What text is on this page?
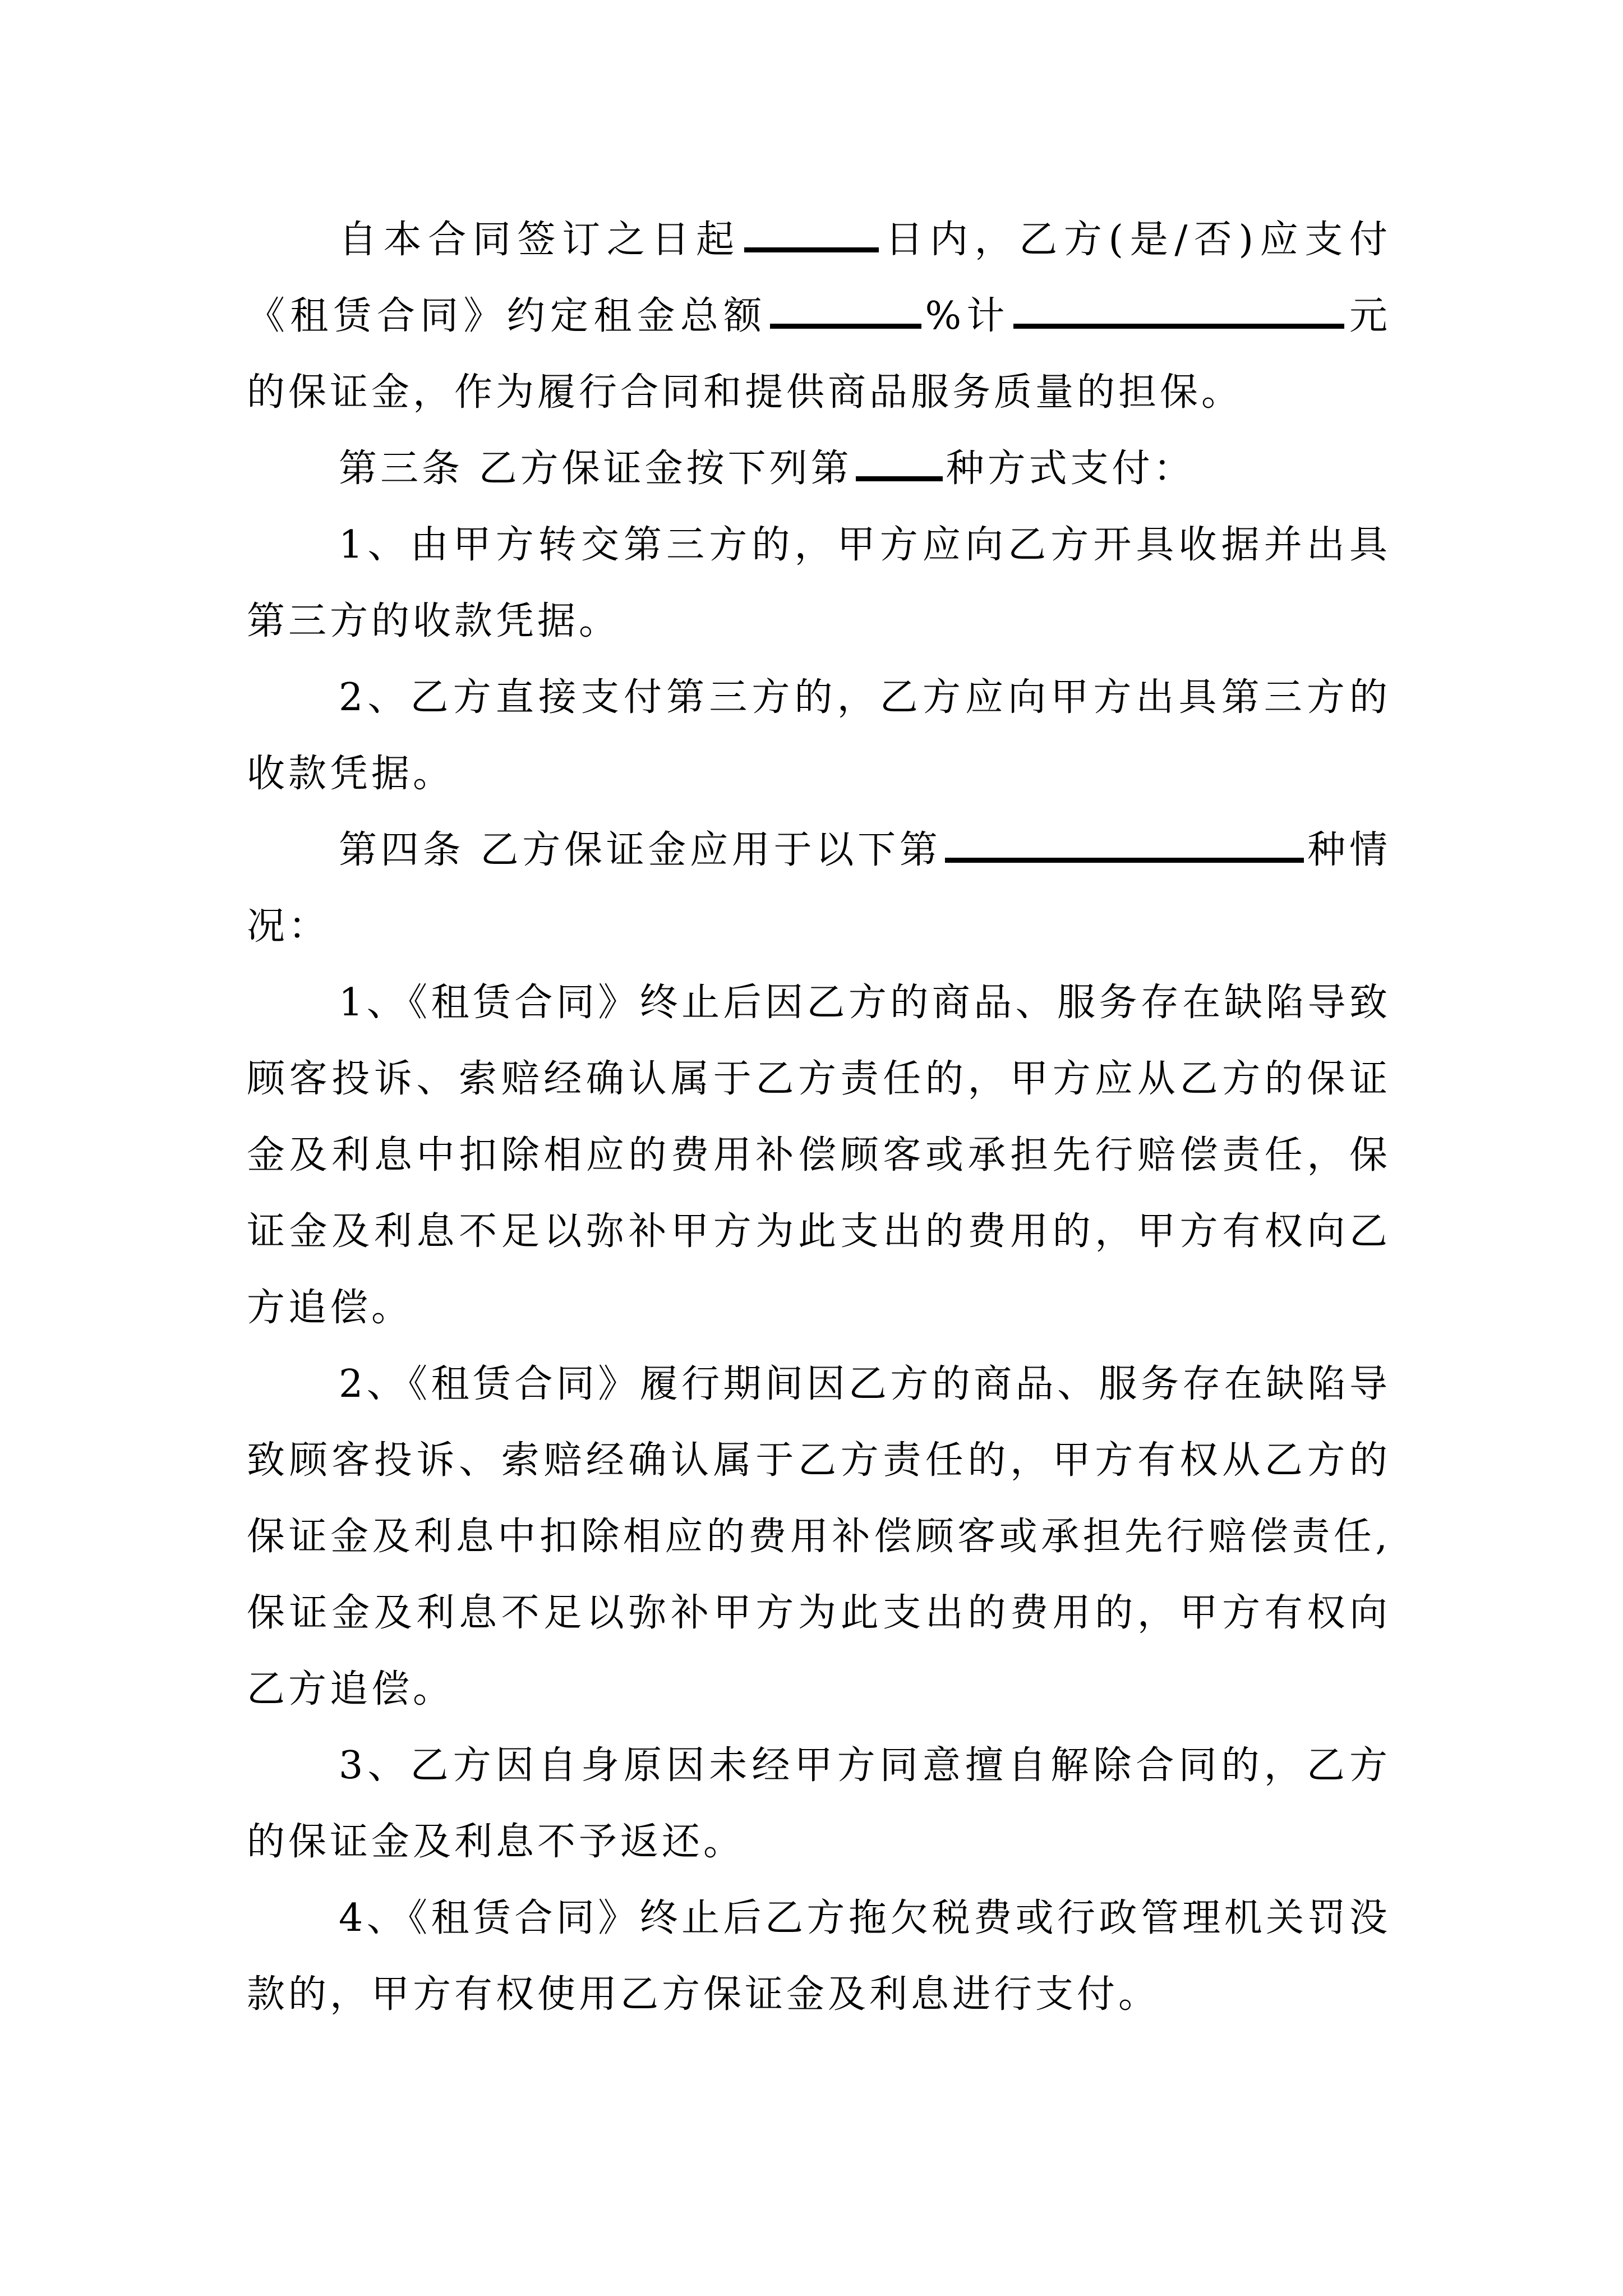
自本合同签订之日起	日内，乙方(是/否)应支付《租赁合同》约定租金总额	%计	元的保证金，作为履行合同和提供商品服务质量的担保。

第三条 乙方保证金按下列第 种方式支付：

1、由甲方转交第三方的，甲方应向乙方开具收据并出具第三方的收款凭据。

2、乙方直接支付第三方的，乙方应向甲方出具第三方的收款凭据。

第四条 乙方保证金应用于以下第	种情况：

1、《租赁合同》终止后因乙方的商品、服务存在缺陷导致顾客投诉、索赔经确认属于乙方责任的，甲方应从乙方的保证金及利息中扣除相应的费用补偿顾客或承担先行赔偿责任，保证金及利息不足以弥补甲方为此支出的费用的，甲方有权向乙方追偿。

2、《租赁合同》履行期间因乙方的商品、服务存在缺陷导致顾客投诉、索赔经确认属于乙方责任的，甲方有权从乙方的保证金及利息中扣除相应的费用补偿顾客或承担先行赔偿责任,保证金及利息不足以弥补甲方为此支出的费用的，甲方有权向乙方追偿。

3、乙方因自身原因未经甲方同意擅自解除合同的，乙方的保证金及利息不予返还。

4、《租赁合同》终止后乙方拖欠税费或行政管理机关罚没款的，甲方有权使用乙方保证金及利息进行支付。
